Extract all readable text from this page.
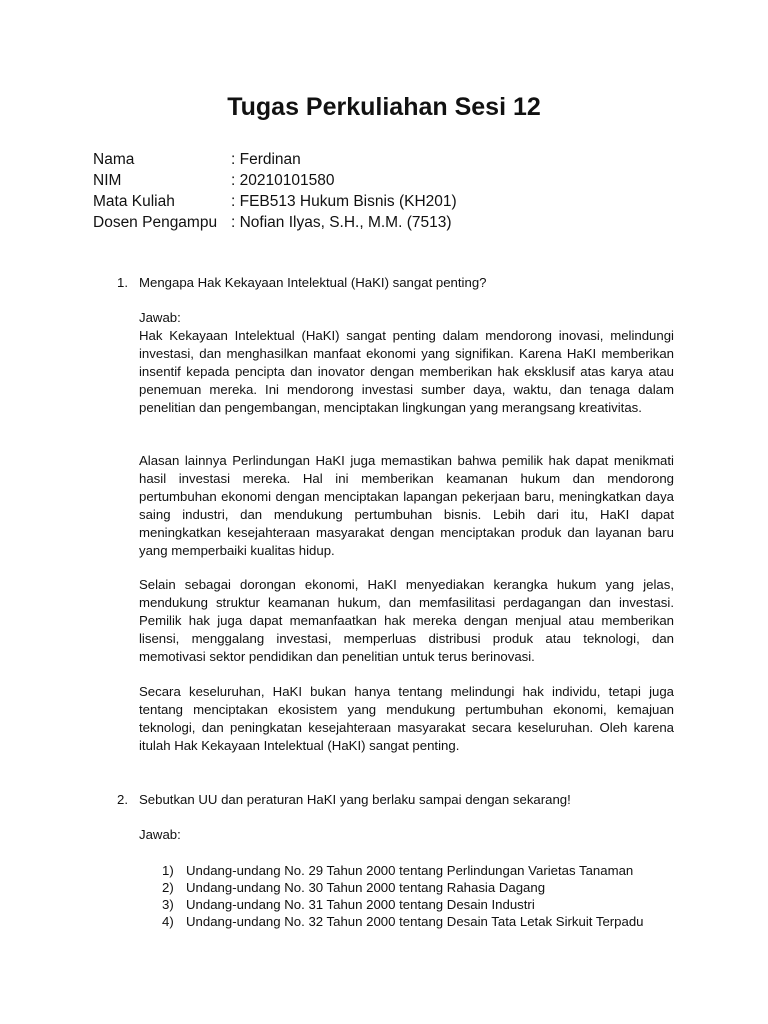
Tugas Perkuliahan Sesi 12
Nama	: Ferdinan
NIM	: 20210101580
Mata Kuliah	: FEB513 Hukum Bisnis (KH201)
Dosen Pengampu : Nofian Ilyas, S.H., M.M. (7513)
1. Mengapa Hak Kekayaan Intelektual (HaKI) sangat penting?

Jawab:

Hak Kekayaan Intelektual (HaKI) sangat penting dalam mendorong inovasi, melindungi investasi, dan menghasilkan manfaat ekonomi yang signifikan. Karena HaKI memberikan insentif kepada pencipta dan inovator dengan memberikan hak eksklusif atas karya atau penemuan mereka. Ini mendorong investasi sumber daya, waktu, dan tenaga dalam penelitian dan pengembangan, menciptakan lingkungan yang merangsang kreativitas.

Alasan lainnya Perlindungan HaKI juga memastikan bahwa pemilik hak dapat menikmati hasil investasi mereka. Hal ini memberikan keamanan hukum dan mendorong pertumbuhan ekonomi dengan menciptakan lapangan pekerjaan baru, meningkatkan daya saing industri, dan mendukung pertumbuhan bisnis. Lebih dari itu, HaKI dapat meningkatkan kesejahteraan masyarakat dengan menciptakan produk dan layanan baru yang memperbaiki kualitas hidup.

Selain sebagai dorongan ekonomi, HaKI menyediakan kerangka hukum yang jelas, mendukung struktur keamanan hukum, dan memfasilitasi perdagangan dan investasi. Pemilik hak juga dapat memanfaatkan hak mereka dengan menjual atau memberikan lisensi, menggalang investasi, memperluas distribusi produk atau teknologi, dan memotivasi sektor pendidikan dan penelitian untuk terus berinovasi.

Secara keseluruhan, HaKI bukan hanya tentang melindungi hak individu, tetapi juga tentang menciptakan ekosistem yang mendukung pertumbuhan ekonomi, kemajuan teknologi, dan peningkatan kesejahteraan masyarakat secara keseluruhan. Oleh karena itulah Hak Kekayaan Intelektual (HaKI) sangat penting.

2. Sebutkan UU dan peraturan HaKI yang berlaku sampai dengan sekarang!

Jawab:

1) Undang-undang No. 29 Tahun 2000 tentang Perlindungan Varietas Tanaman
2) Undang-undang No. 30 Tahun 2000 tentang Rahasia Dagang
3) Undang-undang No. 31 Tahun 2000 tentang Desain Industri
4) Undang-undang No. 32 Tahun 2000 tentang Desain Tata Letak Sirkuit Terpadu
